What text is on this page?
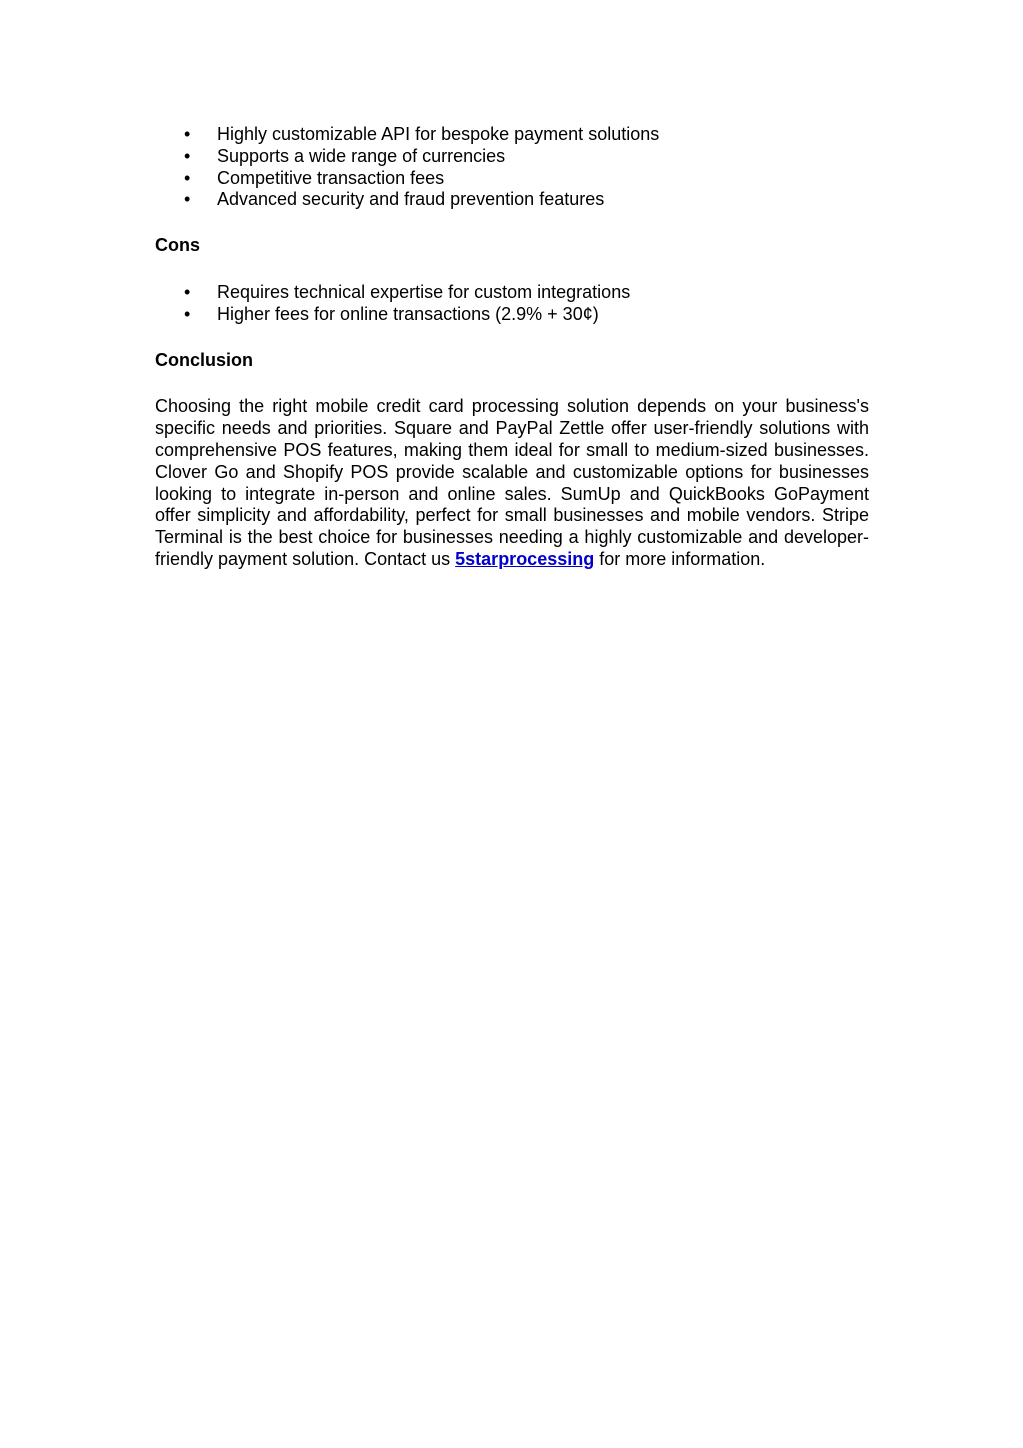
• Highly customizable API for bespoke payment solutions
• Supports a wide range of currencies
• Competitive transaction fees
• Advanced security and fraud prevention features
Cons
• Requires technical expertise for custom integrations
• Higher fees for online transactions (2.9% + 30¢)
Conclusion

Choosing the right mobile credit card processing solution depends on your business's specific needs and priorities. Square and PayPal Zettle offer user-friendly solutions with comprehensive POS features, making them ideal for small to medium-sized businesses. Clover Go and Shopify POS provide scalable and customizable options for businesses looking to integrate in-person and online sales. SumUp and QuickBooks GoPayment offer simplicity and affordability, perfect for small businesses and mobile vendors. Stripe Terminal is the best choice for businesses needing a highly customizable and developer-friendly payment solution. Contact us 5starprocessing for more information.
